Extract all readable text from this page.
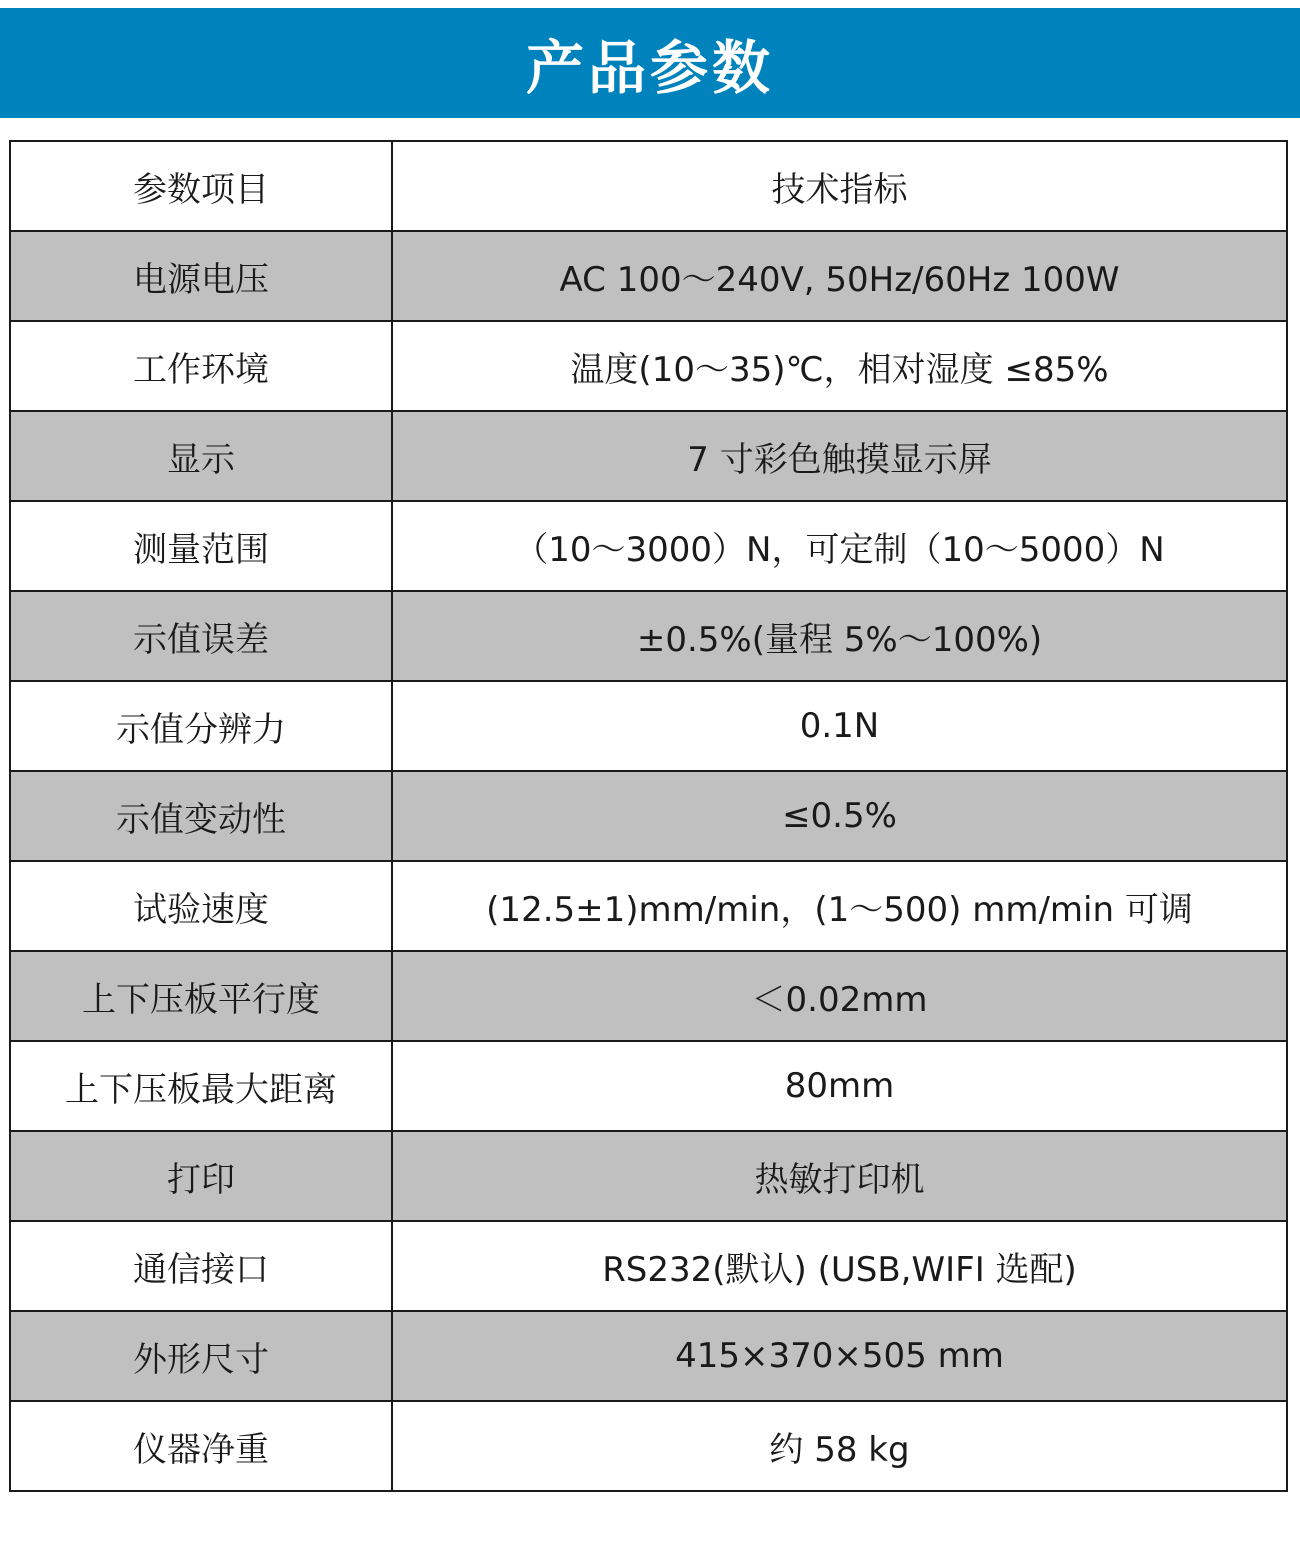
产品参数
参数项目	技术指标
电源电压	AC 100～240V, 50Hz/60Hz 100W
工作环境	温度(10～35)℃，相对湿度 ≤85%
显示	7 寸彩色触摸显示屏
测量范围	（10～3000）N，可定制（10～5000）N
示值误差	±0.5%(量程 5%～100%)
示值分辨力	0.1N
示值变动性	≤0.5%
试验速度	(12.5±1)mm/min，(1～500) mm/min 可调
上下压板平行度	＜0.02mm
上下压板最大距离	80mm
打印	热敏打印机
通信接口	RS232(默认) (USB,WIFI 选配)
外形尺寸	415×370×505 mm
仪器净重	约 58 kg
